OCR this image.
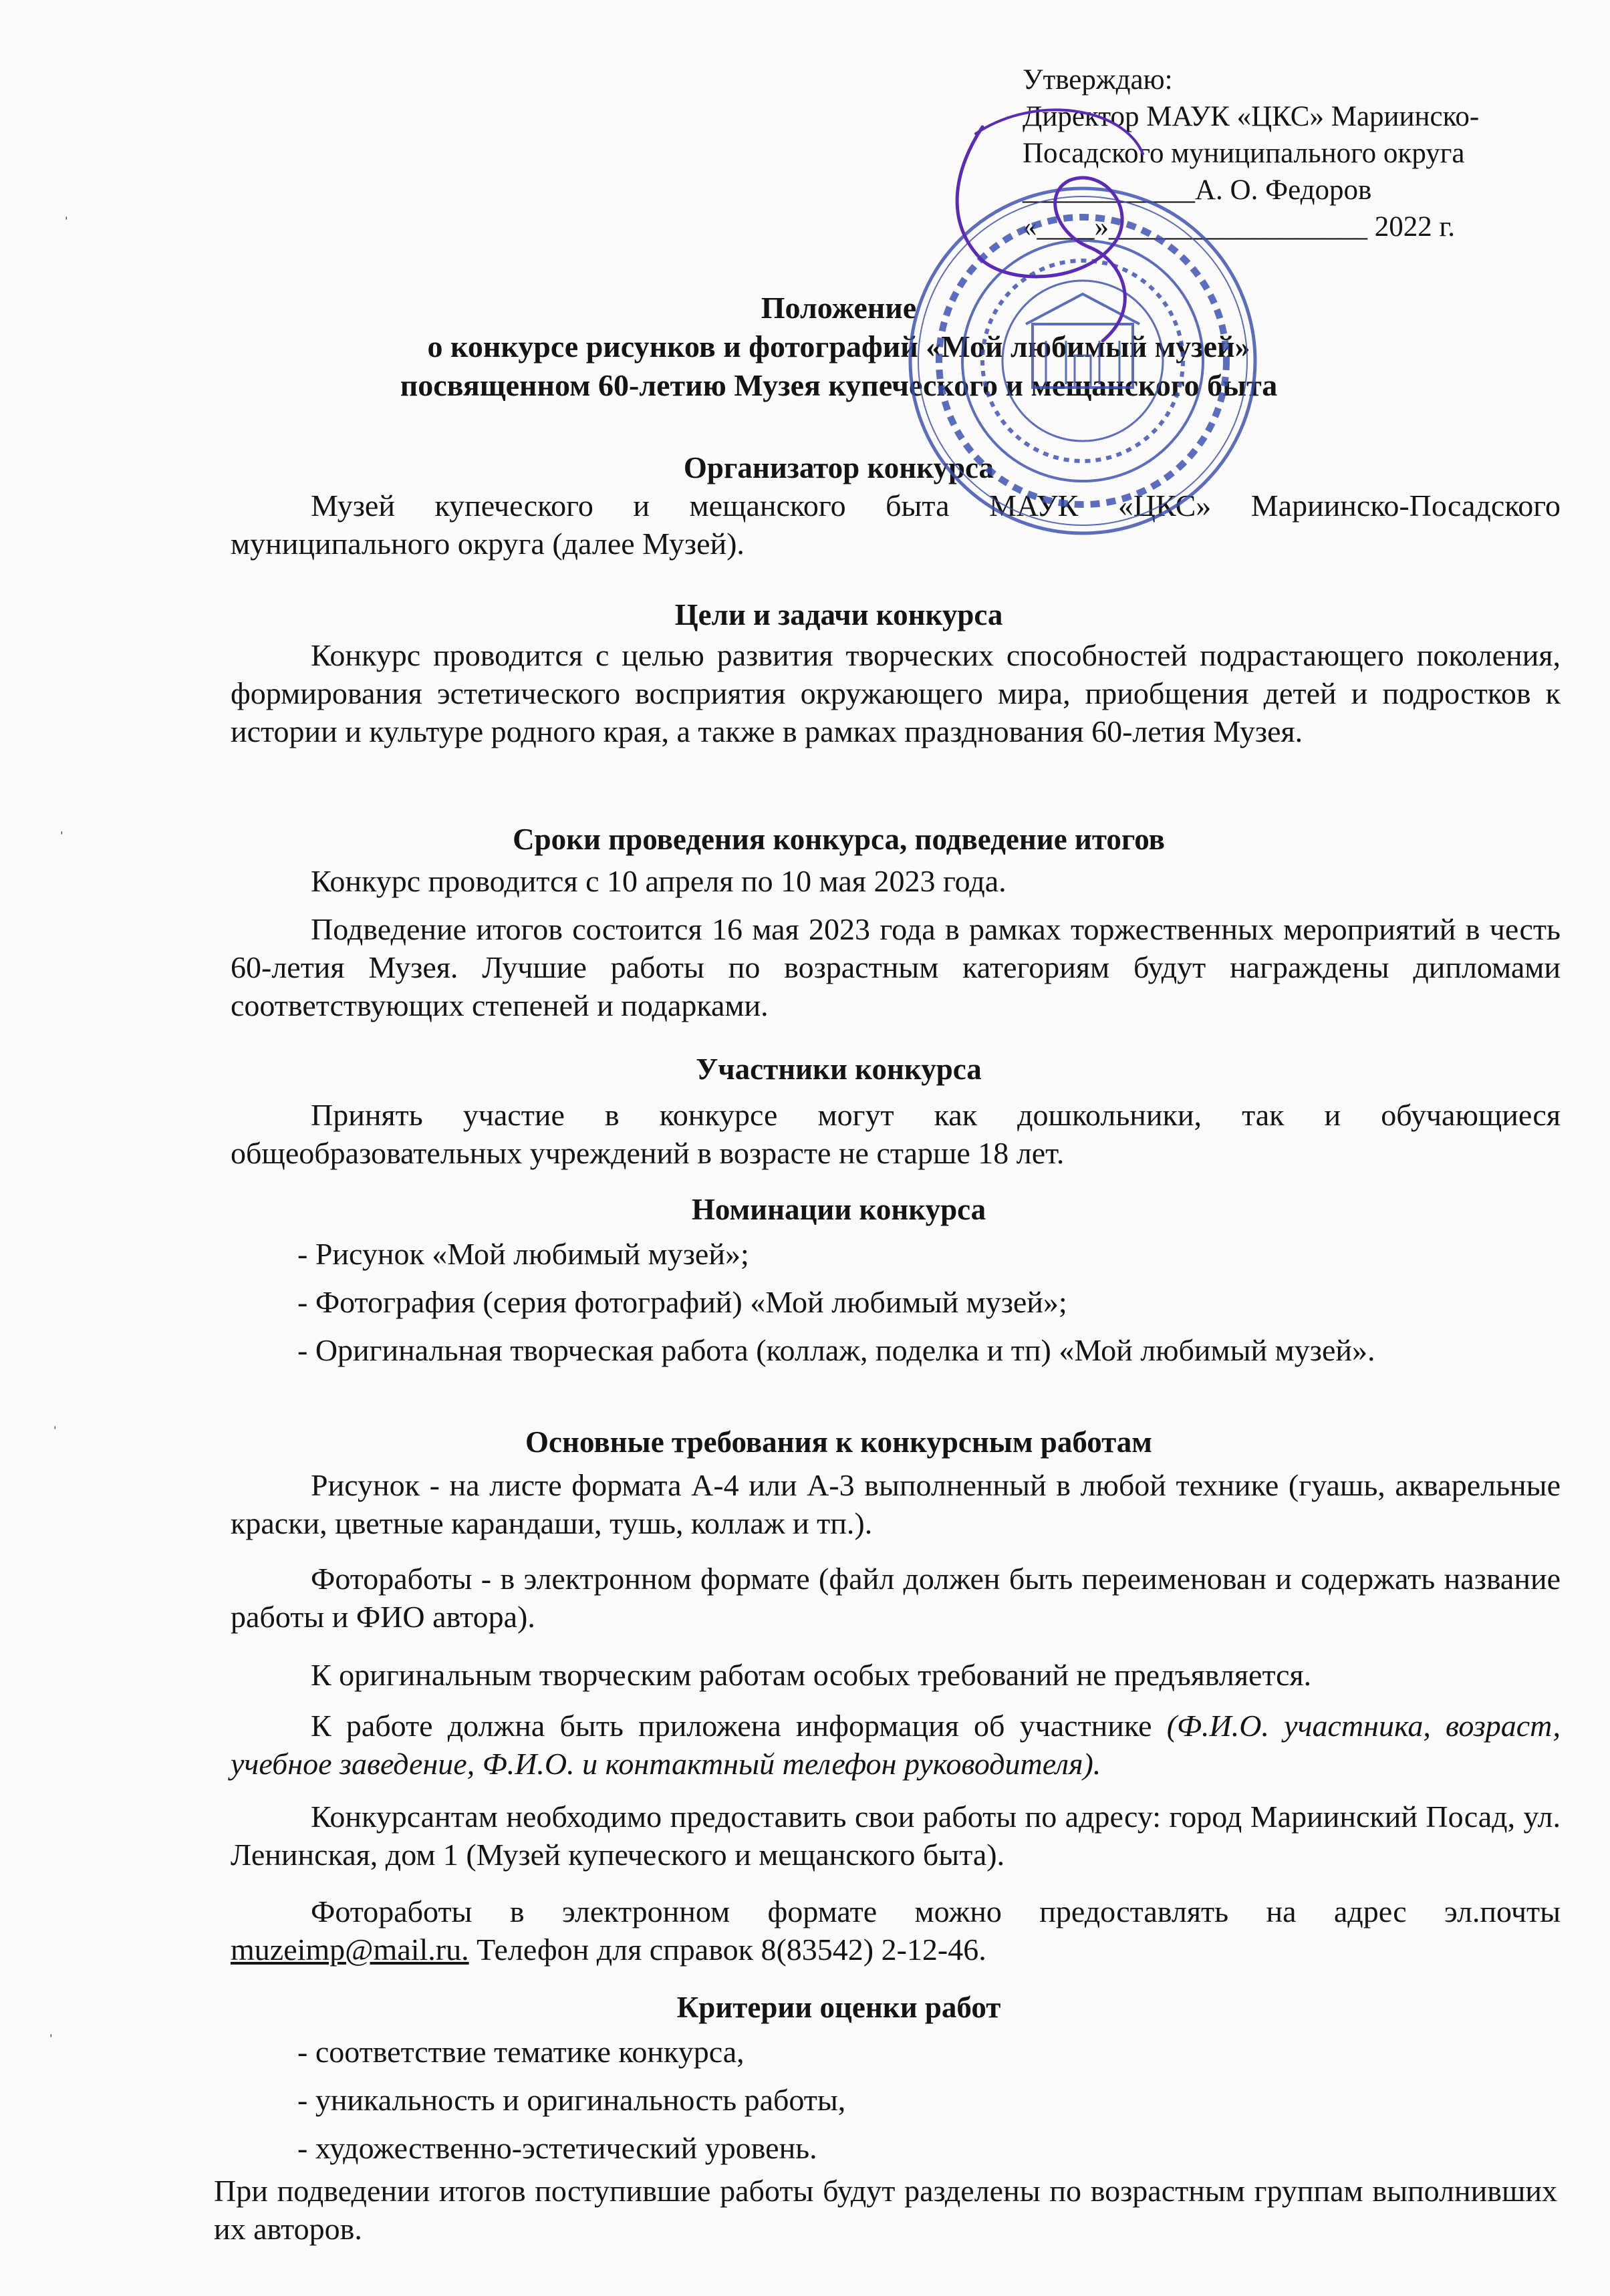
Утверждаю:
Директор МАУК «ЦКС» Мариинско-
Посадского муниципального округа
____________А. О. Федоров
«____»__________________ 2022 г.
Положение
о конкурсе рисунков и фотографий «Мой любимый музей»
посвященном 60-летию Музея купеческого и мещанского быта
Организатор конкурса
Музей купеческого и мещанского быта МАУК «ЦКС» Мариинско-Посадского муниципального округа (далее Музей).
Цели и задачи конкурса
Конкурс проводится с целью развития творческих способностей подрастающего поколения, формирования эстетического восприятия окружающего мира, приобщения детей и подростков к истории и культуре родного края, а также в рамках празднования 60-летия Музея.
Сроки проведения конкурса, подведение итогов
Конкурс проводится с 10 апреля по 10 мая 2023 года.
Подведение итогов состоится 16 мая 2023 года в рамках торжественных мероприятий в честь 60-летия Музея. Лучшие работы по возрастным категориям будут награждены дипломами соответствующих степеней и подарками.
Участники конкурса
Принять участие в конкурсе могут как дошкольники, так и обучающиеся общеобразовательных учреждений в возрасте не старше 18 лет.
Номинации конкурса
- Рисунок «Мой любимый музей»;
- Фотография (серия фотографий) «Мой любимый музей»;
- Оригинальная творческая работа (коллаж, поделка и тп) «Мой любимый музей».
Основные требования к конкурсным работам
Рисунок - на листе формата А-4 или А-3 выполненный в любой технике (гуашь, акварельные краски, цветные карандаши, тушь, коллаж и тп.).
Фотоработы - в электронном формате (файл должен быть переименован и содержать название работы и ФИО автора).
К оригинальным творческим работам особых требований не предъявляется.
К работе должна быть приложена информация об участнике (Ф.И.О. участника, возраст, учебное заведение, Ф.И.О. и контактный телефон руководителя).
Конкурсантам необходимо предоставить свои работы по адресу: город Мариинский Посад, ул. Ленинская, дом 1 (Музей купеческого и мещанского быта).
Фотоработы в электронном формате можно предоставлять на адрес эл.почты muzeimp@mail.ru. Телефон для справок 8(83542) 2-12-46.
Критерии оценки работ
- соответствие тематике конкурса,
- уникальность и оригинальность работы,
- художественно-эстетический уровень.
При подведении итогов поступившие работы будут разделены по возрастным группам выполнивших их авторов.
ˌ
ˌ
ˌ
ˌ
